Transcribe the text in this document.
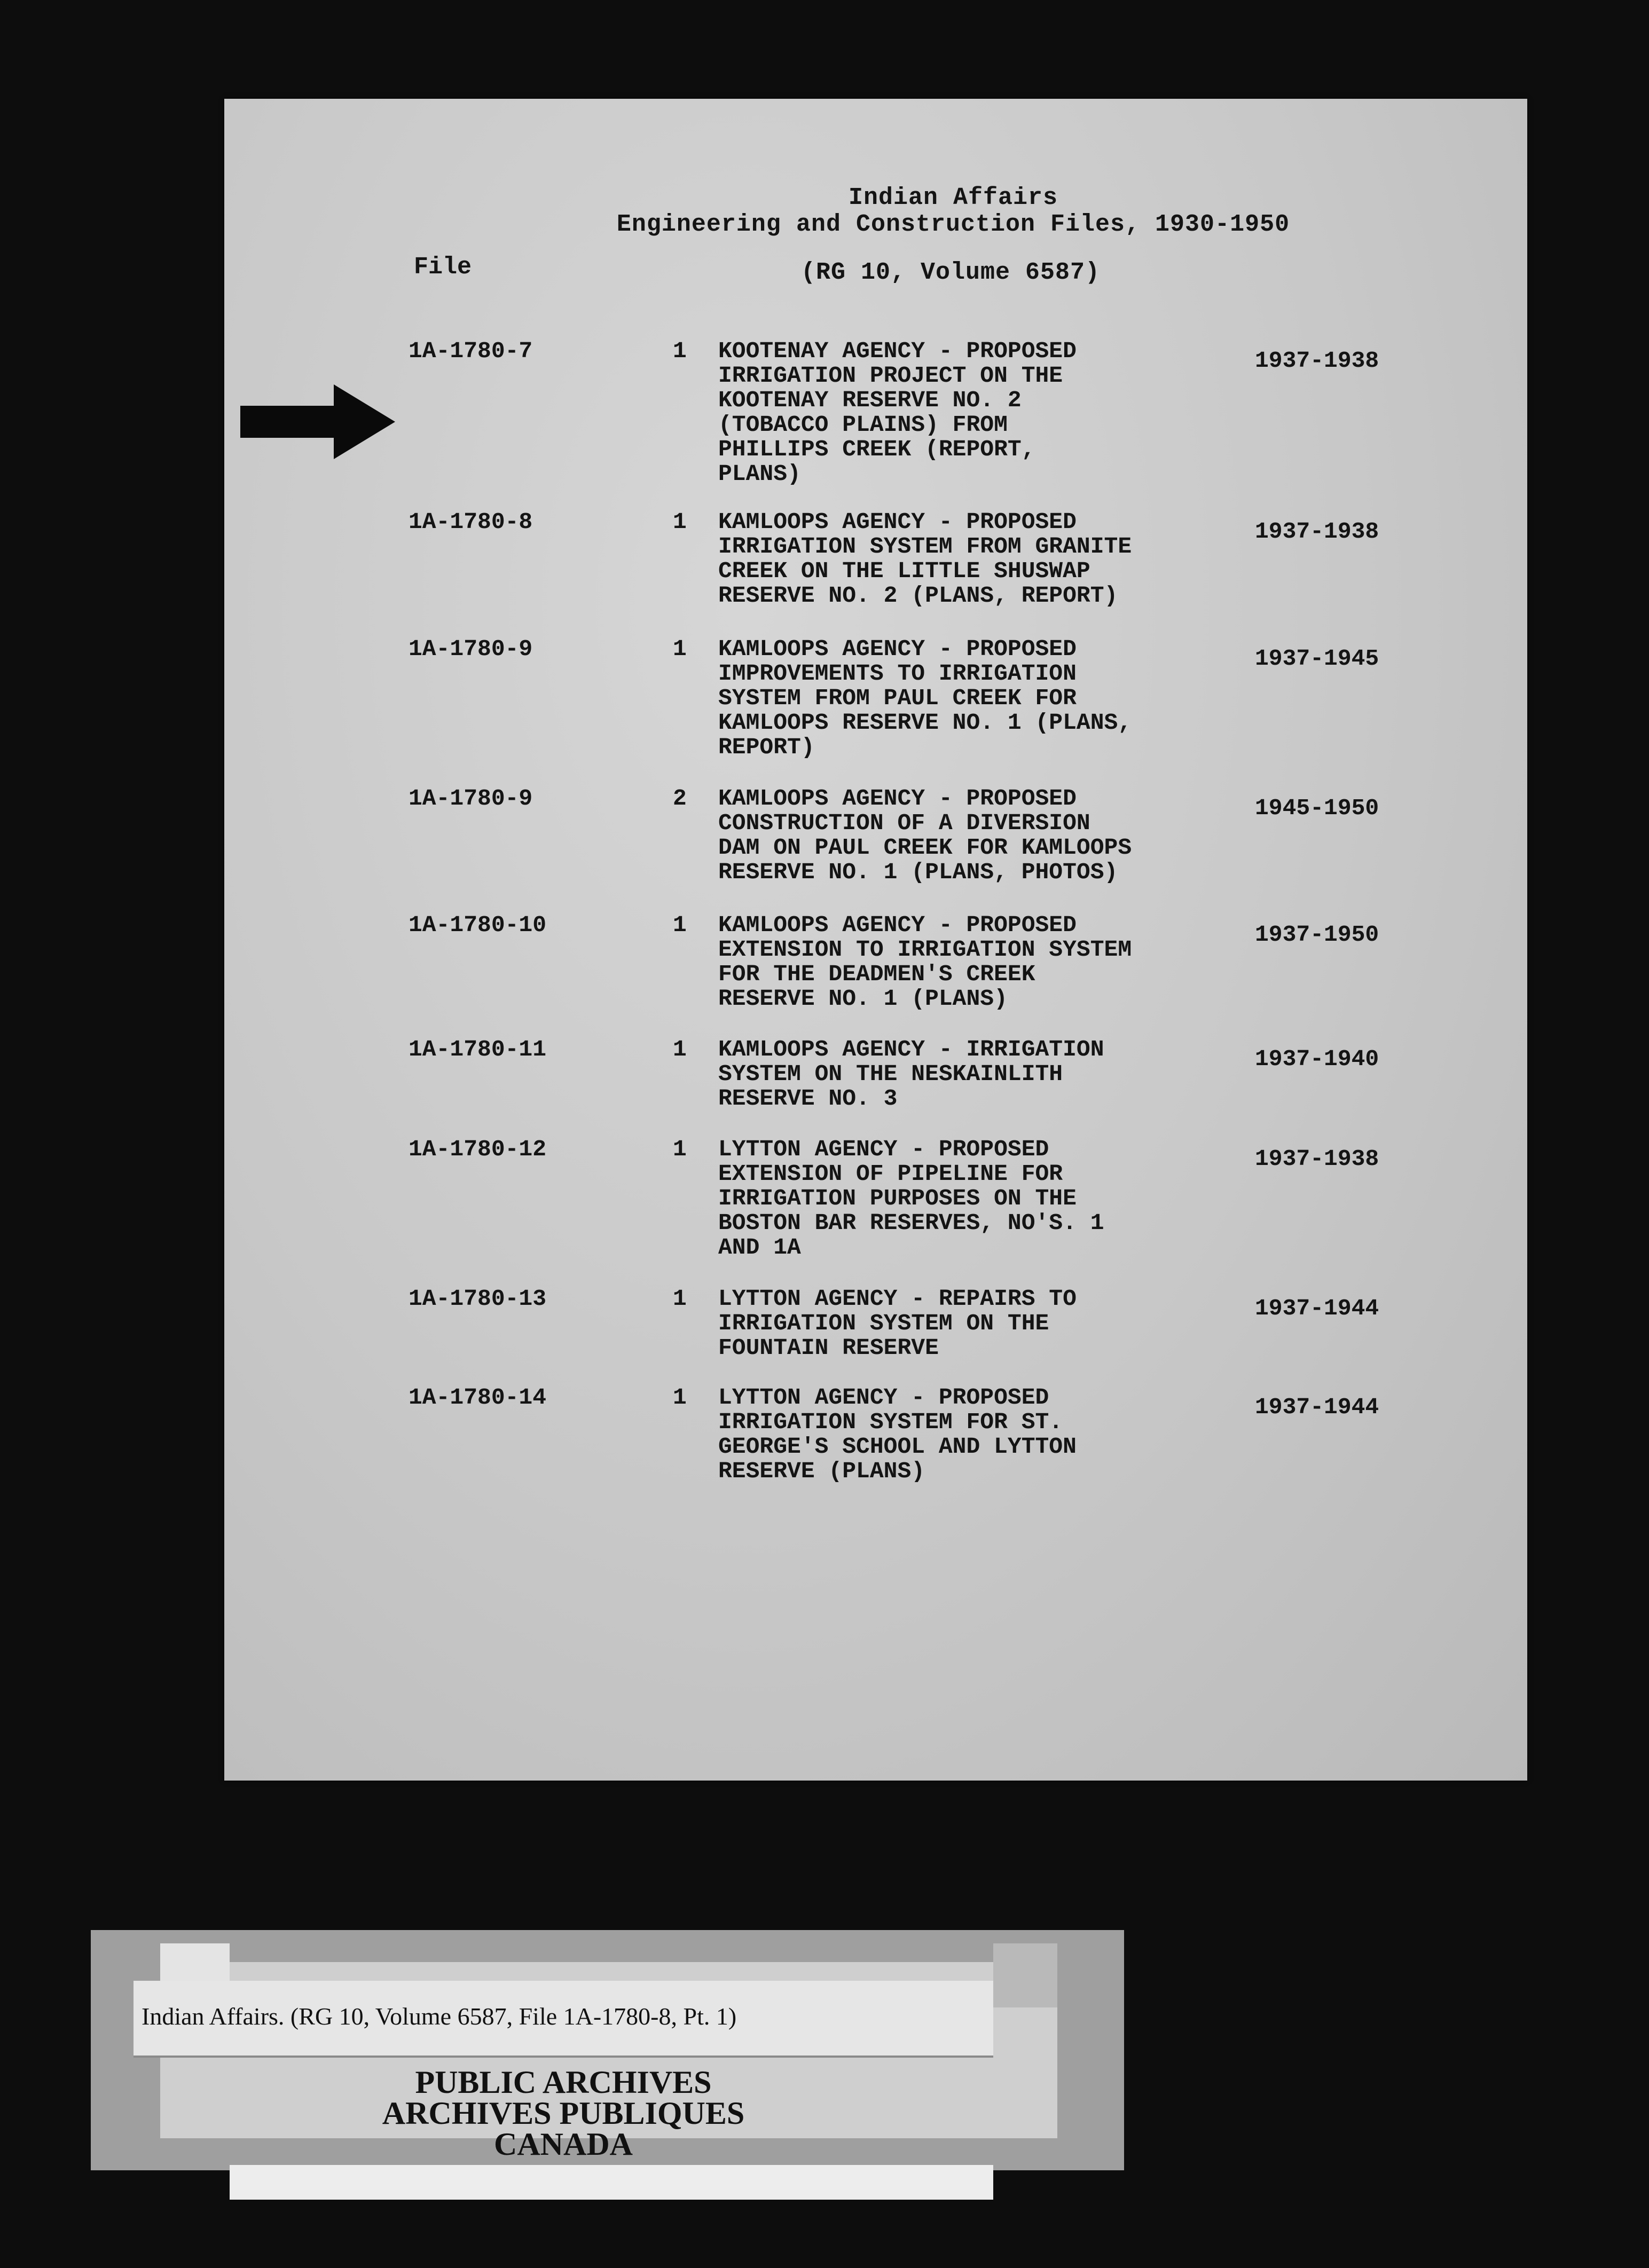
Indian Affairs
Engineering and Construction Files, 1930-1950
File	(RG 10, Volume 6587)
1A-1780-7	1 KOOTENAY AGENCY - PROPOSED
IRRIGATION PROJECT ON THE
KOOTENAY RESERVE NO. 2
(TOBACCO PLAINS) FROM
PHILLIPS CREEK (REPORT,
PLANS)
1937-1938
1A-1780-8	1 KAMLOOPS AGENCY - PROPOSED
IRRIGATION SYSTEM FROM GRANITE
CREEK ON THE LITTLE SHUSWAP
RESERVE NO. 2 (PLANS, REPORT)
1937-1938
1A-1780-9	1 KAMLOOPS AGENCY - PROPOSED
IMPROVEMENTS TO IRRIGATION
SYSTEM FROM PAUL CREEK FOR
KAMLOOPS RESERVE NO. 1 (PLANS,
REPORT)
1937-1945
1A-1780-9	2 KAMLOOPS AGENCY - PROPOSED
CONSTRUCTION OF A DIVERSION
DAM ON PAUL CREEK FOR KAMLOOPS
RESERVE NO. 1 (PLANS, PHOTOS)
1945-1950
1A-1780-10	1 KAMLOOPS AGENCY - PROPOSED
EXTENSION TO IRRIGATION SYSTEM
FOR THE DEADMEN'S CREEK
RESERVE NO. 1 (PLANS)
1937-1950
1A-1780-11	1 KAMLOOPS AGENCY - IRRIGATION
SYSTEM ON THE NESKAINLITH
RESERVE NO. 3
1937-1940
1A-1780-12	1 LYTTON AGENCY - PROPOSED
EXTENSION OF PIPELINE FOR
IRRIGATION PURPOSES ON THE
BOSTON BAR RESERVES, NO'S. 1
AND 1A
1937-1938
1A-1780-13	1 LYTTON AGENCY - REPAIRS TO
IRRIGATION SYSTEM ON THE
FOUNTAIN RESERVE
1937-1944
1A-1780-14	1 LYTTON AGENCY - PROPOSED
IRRIGATION SYSTEM FOR ST.
GEORGE'S SCHOOL AND LYTTON
RESERVE (PLANS)
1937-1944
Indian Affairs. (RG 10, Volume 6587, File 1A-1780-8, Pt. 1)
PUBLIC ARCHIVES
ARCHIVES PUBLIQUES
CANADA
